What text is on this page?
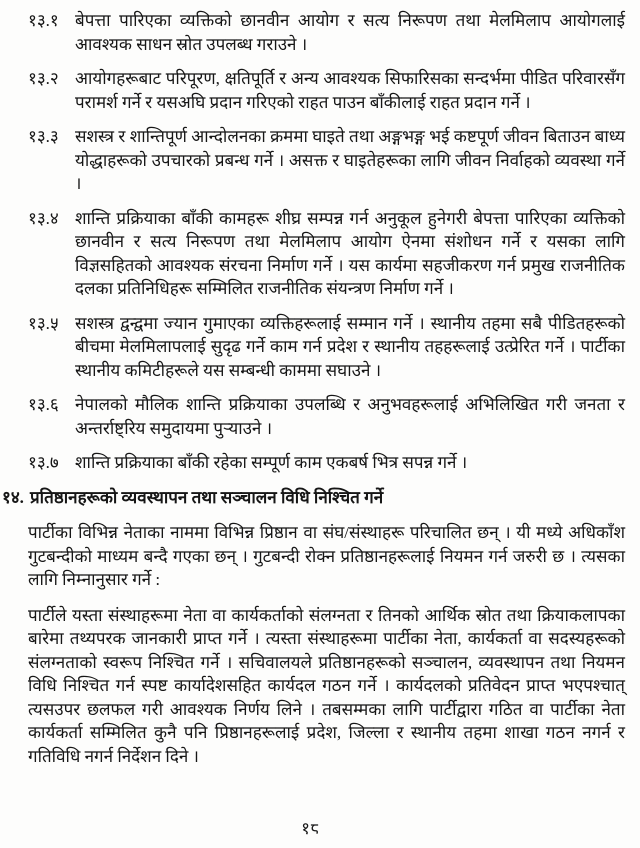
१३.१ बेपत्ता पारिएका व्यक्तिको छानवीन आयोग र सत्य निरूपण तथा मेलमिलाप आयोगलाई आवश्यक साधन स्रोत उपलब्ध गराउने ।
१३.२ आयोगहरूबाट परिपूरण, क्षतिपूर्ति र अन्य आवश्यक सिफारिसका सन्दर्भमा पीडित परिवारसँग परामर्श गर्ने र यसअघि प्रदान गरिएको राहत पाउन बाँकीलाई राहत प्रदान गर्ने ।
१३.३ सशस्त्र र शान्तिपूर्ण आन्दोलनका क्रममा घाइते तथा अङ्गभङ्ग भई कष्टपूर्ण जीवन बिताउन बाध्य योद्धाहरूको उपचारको प्रबन्ध गर्ने । असक्त र घाइतेहरूका लागि जीवन निर्वाहको व्यवस्था गर्ने ।
१३.४ शान्ति प्रक्रियाका बाँकी कामहरू शीघ्र सम्पन्न गर्न अनुकूल हुनेगरी बेपत्ता पारिएका व्यक्तिको छानवीन र सत्य निरूपण तथा मेलमिलाप आयोग ऐनमा संशोधन गर्ने र यसका लागि विज्ञसहितको आवश्यक संरचना निर्माण गर्ने । यस कार्यमा सहजीकरण गर्न प्रमुख राजनीतिक दलका प्रतिनिधिहरू सम्मिलित राजनीतिक संयन्त्रण निर्माण गर्ने ।
१३.५ सशस्त्र द्वन्द्वमा ज्यान गुमाएका व्यक्तिहरूलाई सम्मान गर्ने । स्थानीय तहमा सबै पीडितहरूको बीचमा मेलमिलापलाई सुदृढ गर्ने काम गर्न प्रदेश र स्थानीय तहहरूलाई उत्प्रेरित गर्ने । पार्टीका स्थानीय कमिटीहरूले यस सम्बन्धी काममा सघाउने ।
१३.६ नेपालको मौलिक शान्ति प्रक्रियाका उपलब्धि र अनुभवहरूलाई अभिलिखित गरी जनता र अन्तर्राष्ट्रिय समुदायमा पुऱ्याउने ।
१३.७ शान्ति प्रक्रियाका बाँकी रहेका सम्पूर्ण काम एकबर्ष भित्र सपन्न गर्ने ।
१४. प्रतिष्ठानहरूको व्यवस्थापन तथा सञ्चालन विधि निश्चित गर्ने

पार्टीका विभिन्न नेताका नाममा विभिन्न प्रिष्ठान वा संघ/संस्थाहरू परिचालित छन् । यी मध्ये अधिकाँश गुटबन्दीको माध्यम बन्दै गएका छन् । गुटबन्दी रोक्न प्रतिष्ठानहरूलाई नियमन गर्न जरुरी छ । त्यसका लागि निम्नानुसार गर्ने :

पार्टीले यस्ता संस्थाहरूमा नेता वा कार्यकर्ताको संलग्नता र तिनको आर्थिक स्रोत तथा क्रियाकलापका बारेमा तथ्यपरक जानकारी प्राप्त गर्ने । त्यस्ता संस्थाहरूमा पार्टीका नेता, कार्यकर्ता वा सदस्यहरूको संलग्नताको स्वरूप निश्चित गर्ने । सचिवालयले प्रतिष्ठानहरूको सञ्चालन, व्यवस्थापन तथा नियमन विधि निश्चित गर्न स्पष्ट कार्यादेशसहित कार्यदल गठन गर्ने । कार्यदलको प्रतिवेदन प्राप्त भएपश्चात् त्यसउपर छलफल गरी आवश्यक निर्णय लिने । तबसम्मका लागि पार्टीद्वारा गठित वा पार्टीका नेता कार्यकर्ता सम्मिलित कुनै पनि प्रिष्ठानहरूलाई प्रदेश, जिल्ला र स्थानीय तहमा शाखा गठन नगर्न र गतिविधि नगर्न निर्देशन दिने ।

१८
